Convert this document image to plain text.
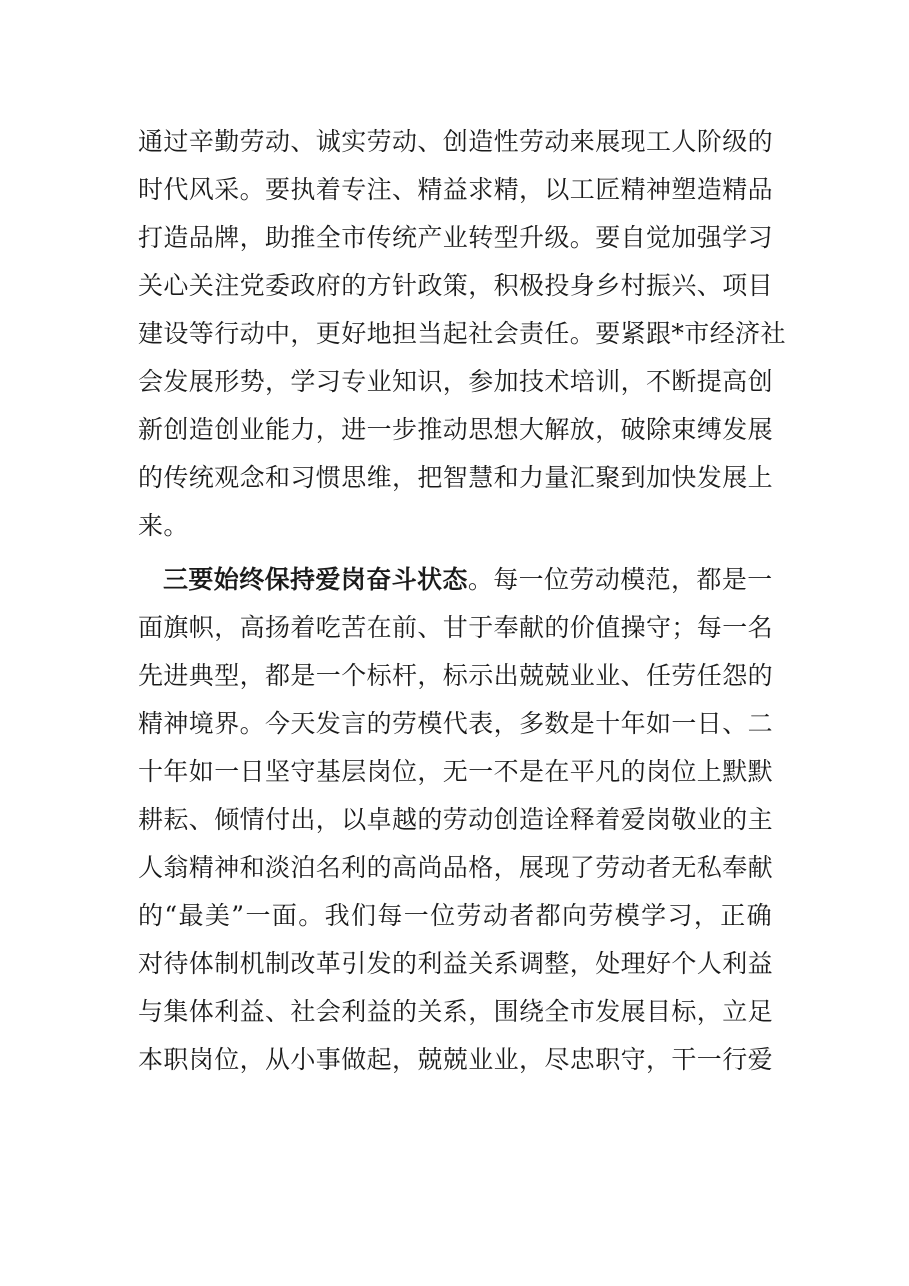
通过辛勤劳动、诚实劳动、创造性劳动来展现工人阶级的
时代风采。要执着专注、精益求精，以工匠精神塑造精品
打造品牌，助推全市传统产业转型升级。要自觉加强学习
关心关注党委政府的方针政策，积极投身乡村振兴、项目
建设等行动中，更好地担当起社会责任。要紧跟*市经济社
会发展形势，学习专业知识，参加技术培训，不断提高创
新创造创业能力，进一步推动思想大解放，破除束缚发展
的传统观念和习惯思维，把智慧和力量汇聚到加快发展上
来。
三要始终保持爱岗奋斗状态。每一位劳动模范，都是一
面旗帜，高扬着吃苦在前、甘于奉献的价值操守；每一名
先进典型，都是一个标杆，标示出兢兢业业、任劳任怨的
精神境界。今天发言的劳模代表，多数是十年如一日、二
十年如一日坚守基层岗位，无一不是在平凡的岗位上默默
耕耘、倾情付出，以卓越的劳动创造诠释着爱岗敬业的主
人翁精神和淡泊名利的高尚品格，展现了劳动者无私奉献
的“最美”一面。我们每一位劳动者都向劳模学习，正确
对待体制机制改革引发的利益关系调整，处理好个人利益
与集体利益、社会利益的关系，围绕全市发展目标，立足
本职岗位，从小事做起，兢兢业业，尽忠职守，干一行爱
